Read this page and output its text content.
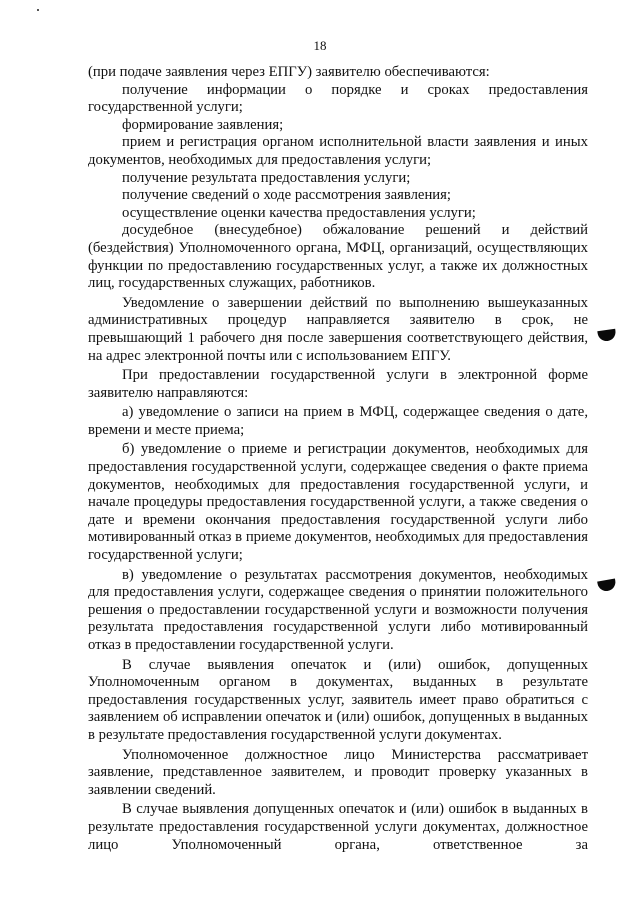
18

(при подаче заявления через ЕПГУ) заявителю обеспечиваются:

получение информации о порядке и сроках предоставления государственной услуги;

формирование заявления;

прием и регистрация органом исполнительной власти заявления и иных документов, необходимых для предоставления услуги;

получение результата предоставления услуги;

получение сведений о ходе рассмотрения заявления;

осуществление оценки качества предоставления услуги;

досудебное (внесудебное) обжалование решений и действий (бездействия) Уполномоченного органа, МФЦ, организаций, осуществляющих функции по предоставлению государственных услуг, а также их должностных лиц, государственных служащих, работников.

Уведомление о завершении действий по выполнению вышеуказанных административных процедур направляется заявителю в срок, не превышающий 1 рабочего дня после завершения соответствующего действия, на адрес электронной почты или с использованием ЕПГУ.

При предоставлении государственной услуги в электронной форме заявителю направляются:

а) уведомление о записи на прием в МФЦ, содержащее сведения о дате, времени и месте приема;

б) уведомление о приеме и регистрации документов, необходимых для предоставления государственной услуги, содержащее сведения о факте приема документов, необходимых для предоставления государственной услуги, и начале процедуры предоставления государственной услуги, а также сведения о дате и времени окончания предоставления государственной услуги либо мотивированный отказ в приеме документов, необходимых для предоставления государственной услуги;

в) уведомление о результатах рассмотрения документов, необходимых для предоставления услуги, содержащее сведения о принятии положительного решения о предоставлении государственной услуги и возможности получения результата предоставления государственной услуги либо мотивированный отказ в предоставлении государственной услуги.

В случае выявления опечаток и (или) ошибок, допущенных Уполномоченным органом в документах, выданных в результате предоставления государственных услуг, заявитель имеет право обратиться с заявлением об исправлении опечаток и (или) ошибок, допущенных в выданных в результате предоставления государственной услуги документах.

Уполномоченное должностное лицо Министерства рассматривает заявление, представленное заявителем, и проводит проверку указанных в заявлении сведений.

В случае выявления допущенных опечаток и (или) ошибок в выданных в результате предоставления государственной услуги документах, должностное лицо Уполномоченный органа, ответственное за
